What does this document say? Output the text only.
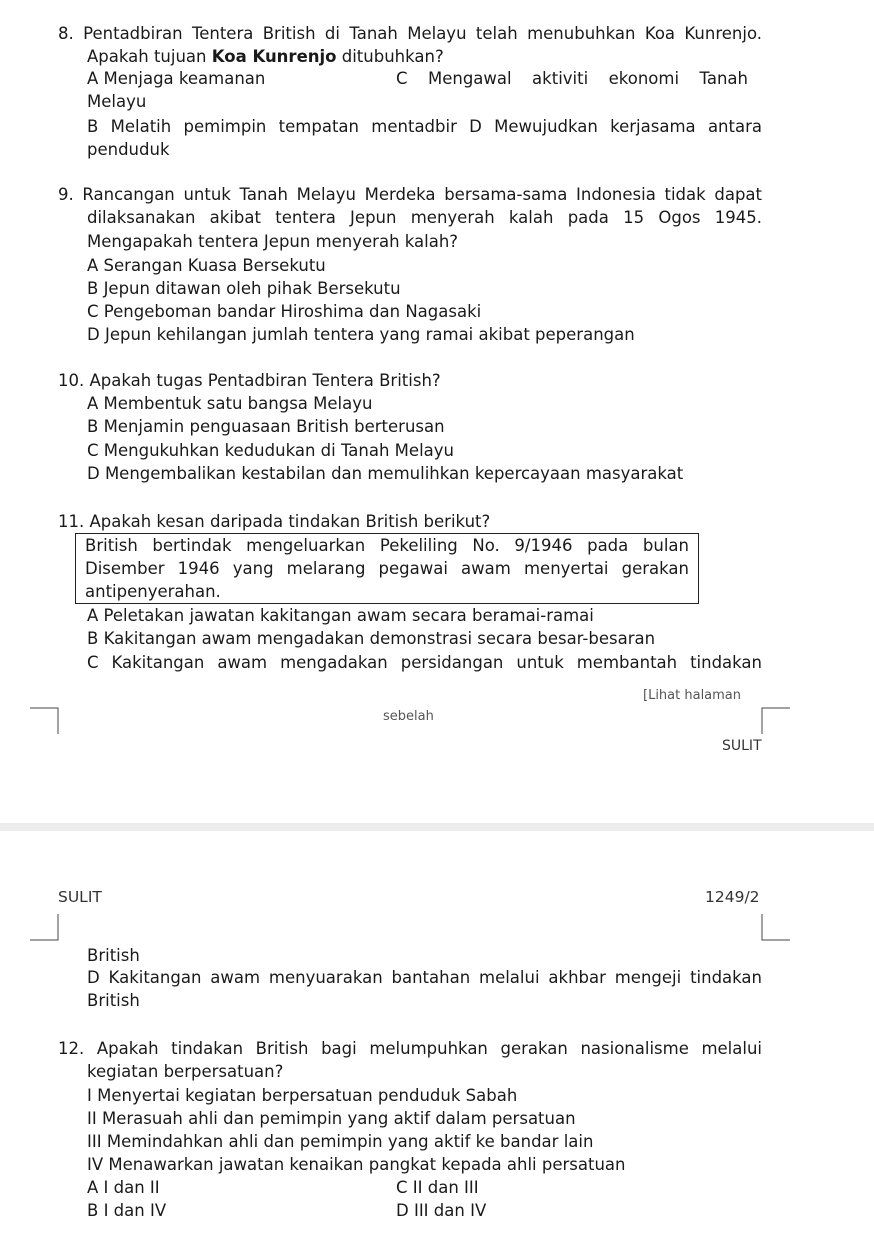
8. Pentadbiran Tentera British di Tanah Melayu telah menubuhkan Koa Kunrenjo.
Apakah tujuan Koa Kunrenjo ditubuhkan?
A Menjaga keamanan	C Mengawal aktiviti ekonomi Tanah
Melayu
B Melatih pemimpin tempatan mentadbir D Mewujudkan kerjasama antara
penduduk
9. Rancangan untuk Tanah Melayu Merdeka bersama-sama Indonesia tidak dapat
dilaksanakan akibat tentera Jepun menyerah kalah pada 15 Ogos 1945.
Mengapakah tentera Jepun menyerah kalah?
A Serangan Kuasa Bersekutu
B Jepun ditawan oleh pihak Bersekutu
C Pengeboman bandar Hiroshima dan Nagasaki
D Jepun kehilangan jumlah tentera yang ramai akibat peperangan
10. Apakah tugas Pentadbiran Tentera British?
A Membentuk satu bangsa Melayu
B Menjamin penguasaan British berterusan
C Mengukuhkan kedudukan di Tanah Melayu
D Mengembalikan kestabilan dan memulihkan kepercayaan masyarakat
11. Apakah kesan daripada tindakan British berikut?
British bertindak mengeluarkan Pekeliling No. 9/1946 pada bulan
Disember 1946 yang melarang pegawai awam menyertai gerakan
antipenyerahan.
A Peletakan jawatan kakitangan awam secara beramai-ramai
B Kakitangan awam mengadakan demonstrasi secara besar-besaran
C Kakitangan awam mengadakan persidangan untuk membantah tindakan
[Lihat halaman
sebelah
SULIT
SULIT	1249/2
British
D Kakitangan awam menyuarakan bantahan melalui akhbar mengeji tindakan
British
12. Apakah tindakan British bagi melumpuhkan gerakan nasionalisme melalui
kegiatan berpersatuan?
I Menyertai kegiatan berpersatuan penduduk Sabah
II Merasuah ahli dan pemimpin yang aktif dalam persatuan
III Memindahkan ahli dan pemimpin yang aktif ke bandar lain
IV Menawarkan jawatan kenaikan pangkat kepada ahli persatuan
A I dan II	C II dan III
B I dan IV	D III dan IV
